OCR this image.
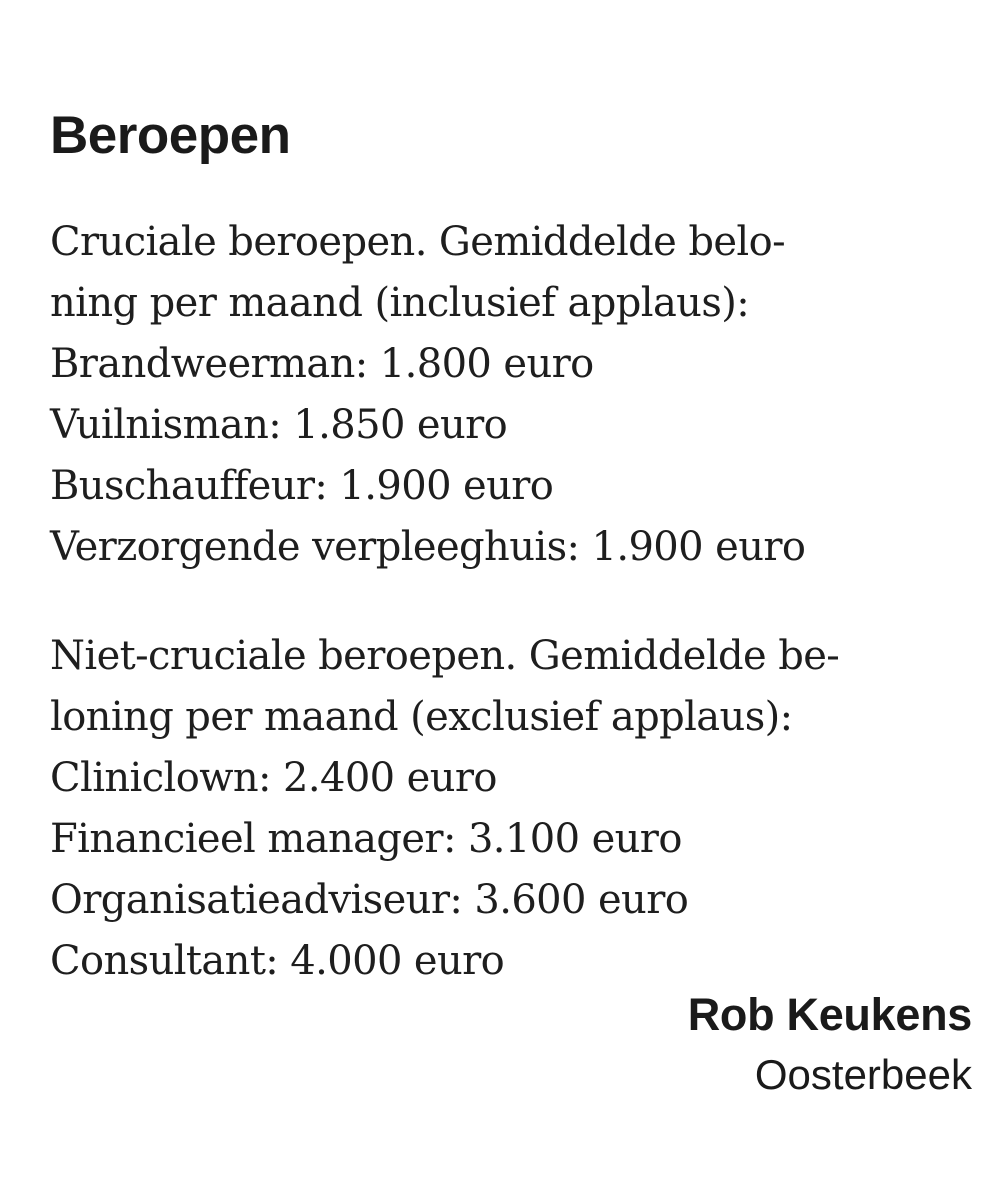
Beroepen
Cruciale beroepen. Gemiddelde belo-
ning per maand (inclusief applaus):
Brandweerman: 1.800 euro
Vuilnisman: 1.850 euro
Buschauffeur: 1.900 euro
Verzorgende verpleeghuis: 1.900 euro
Niet-cruciale beroepen. Gemiddelde be-
loning per maand (exclusief applaus):
Cliniclown: 2.400 euro
Financieel manager: 3.100 euro
Organisatieadviseur: 3.600 euro
Consultant: 4.000 euro
Rob Keukens
Oosterbeek
